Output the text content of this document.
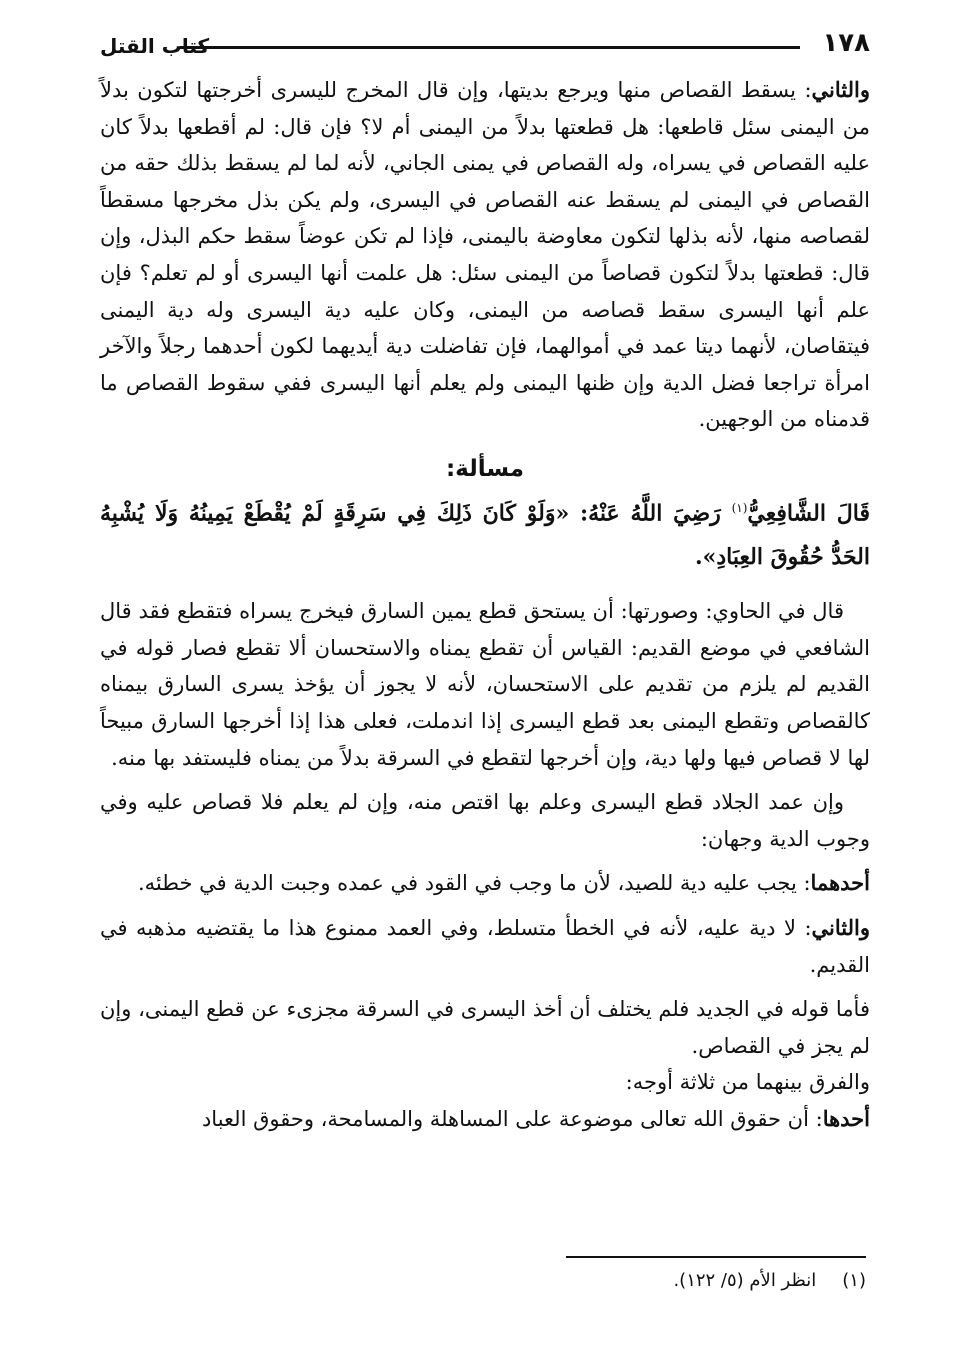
١٧٨
كتاب القتل

والثاني: يسقط القصاص منها ويرجع بديتها، وإن قال المخرج لليسرى أخرجتها لتكون بدلاً من اليمنى سئل قاطعها: هل قطعتها بدلاً من اليمنى أم لا؟ فإن قال: لم أقطعها بدلاً كان عليه القصاص في يسراه، وله القصاص في يمنى الجاني، لأنه لما لم يسقط بذلك حقه من القصاص في اليمنى لم يسقط عنه القصاص في اليسرى، ولم يكن بذل مخرجها مسقطاً لقصاصه منها، لأنه بذلها لتكون معاوضة باليمنى، فإذا لم تكن عوضاً سقط حكم البذل، وإن قال: قطعتها بدلاً لتكون قصاصاً من اليمنى سئل: هل علمت أنها اليسرى أو لم تعلم؟ فإن علم أنها اليسرى سقط قصاصه من اليمنى، وكان عليه دية اليسرى وله دية اليمنى فيتقاصان، لأنهما ديتا عمد في أموالهما، فإن تفاضلت دية أيديهما لكون أحدهما رجلاً والآخر امرأة تراجعا فضل الدية وإن ظنها اليمنى ولم يعلم أنها اليسرى ففي سقوط القصاص ما قدمناه من الوجهين.

مسألة:

قَالَ الشَّافِعِيُّ$^{(١)}$ رَضِيَ اللَّهُ عَنْهُ: «وَلَوْ كَانَ ذَلِكَ فِي سَرِقَةٍ لَمْ يُقْطَعْ يَمِينُهُ وَلَا يُشْبِهُ الحَدُّ حُقُوقَ العِبَادِ».

قال في الحاوي: وصورتها: أن يستحق قطع يمين السارق فيخرج يسراه فتقطع فقد قال الشافعي في موضع القديم: القياس أن تقطع يمناه والاستحسان ألا تقطع فصار قوله في القديم لم يلزم من تقديم على الاستحسان، لأنه لا يجوز أن يؤخذ يسرى السارق بيمناه كالقصاص وتقطع اليمنى بعد قطع اليسرى إذا اندملت، فعلى هذا إذا أخرجها السارق مبيحاً لها لا قصاص فيها ولها دية، وإن أخرجها لتقطع في السرقة بدلاً من يمناه فليستفد بها منه.

وإن عمد الجلاد قطع اليسرى وعلم بها اقتص منه، وإن لم يعلم فلا قصاص عليه وفي وجوب الدية وجهان:

أحدهما: يجب عليه دية للصيد، لأن ما وجب في القود في عمده وجبت الدية في خطئه.

والثاني: لا دية عليه، لأنه في الخطأ متسلط، وفي العمد ممنوع هذا ما يقتضيه مذهبه في القديم.

فأما قوله في الجديد فلم يختلف أن أخذ اليسرى في السرقة مجزىء عن قطع اليمنى، وإن لم يجز في القصاص.

والفرق بينهما من ثلاثة أوجه:

أحدها: أن حقوق الله تعالى موضوعة على المساهلة والمسامحة، وحقوق العباد

(١)انظر الأم (٥/ ١٢٢).
